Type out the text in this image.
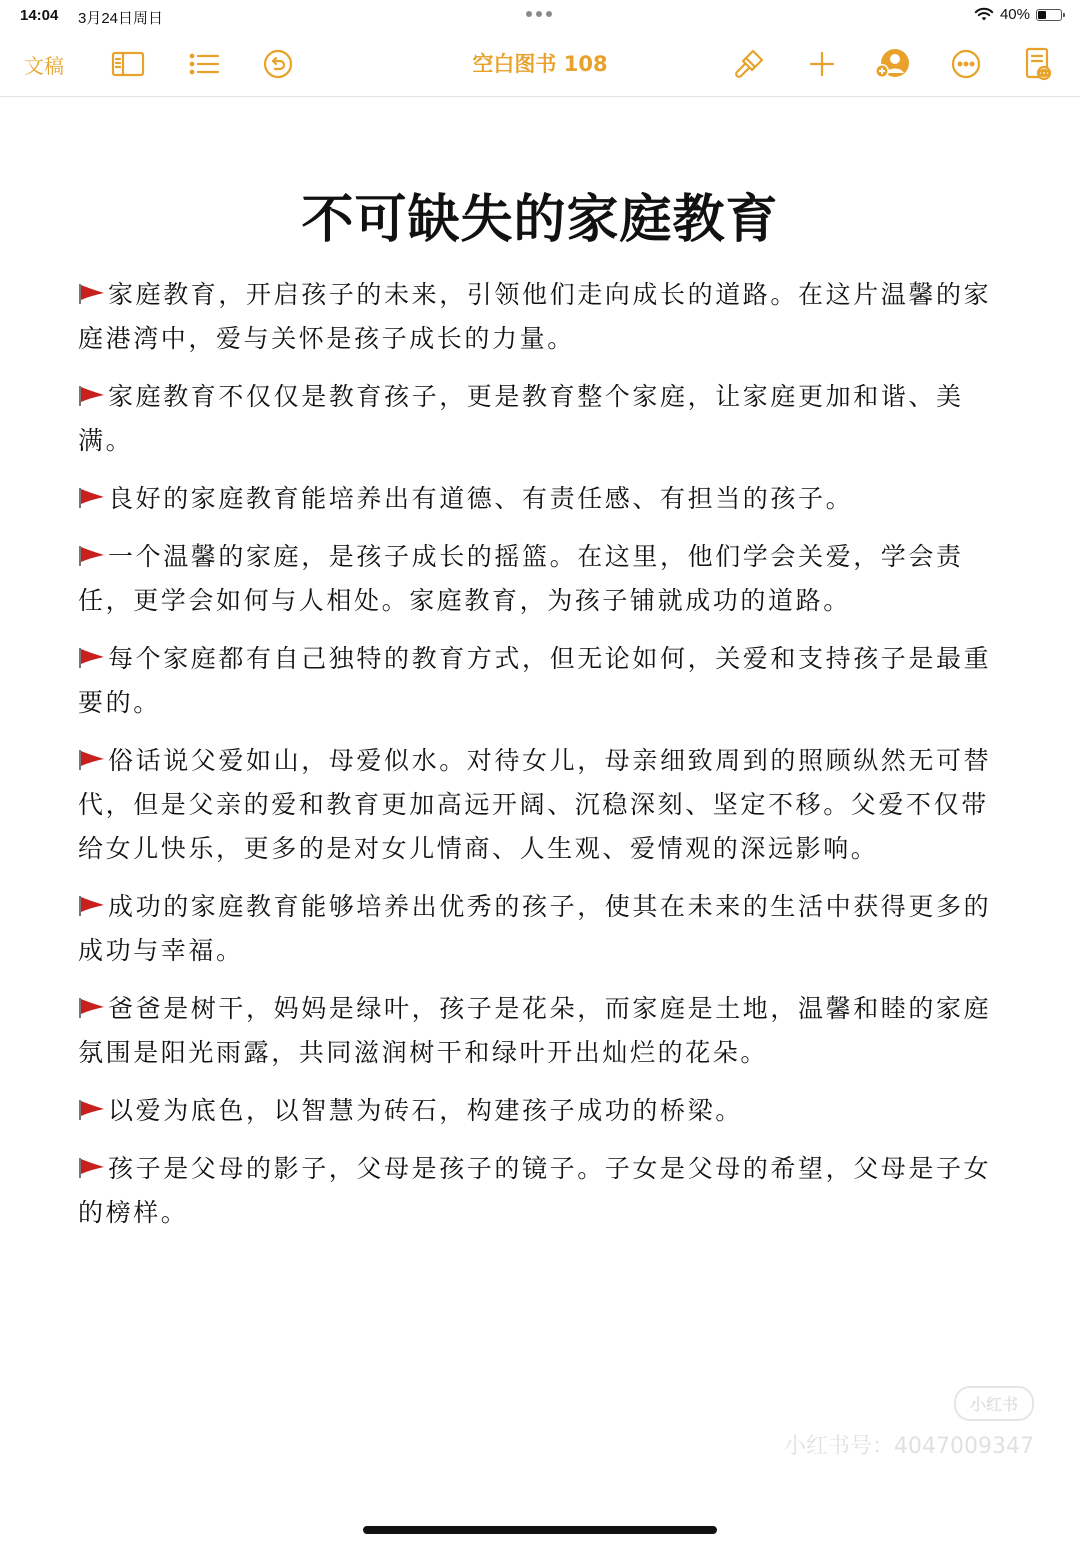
14:04 3月24日周日	40%
文稿	空白图书 108
不可缺失的家庭教育

家庭教育，开启孩子的未来，引领他们走向成长的道路。在这片温馨的家庭港湾中，爱与关怀是孩子成长的力量。

家庭教育不仅仅是教育孩子，更是教育整个家庭，让家庭更加和谐、美满。

良好的家庭教育能培养出有道德、有责任感、有担当的孩子。

一个温馨的家庭，是孩子成长的摇篮。在这里，他们学会关爱，学会责任，更学会如何与人相处。家庭教育，为孩子铺就成功的道路。

每个家庭都有自己独特的教育方式，但无论如何，关爱和支持孩子是最重要的。

俗话说父爱如山，母爱似水。对待女儿，母亲细致周到的照顾纵然无可替代，但是父亲的爱和教育更加高远开阔、沉稳深刻、坚定不移。父爱不仅带给女儿快乐，更多的是对女儿情商、人生观、爱情观的深远影响。

成功的家庭教育能够培养出优秀的孩子，使其在未来的生活中获得更多的成功与幸福。

爸爸是树干，妈妈是绿叶，孩子是花朵，而家庭是土地，温馨和睦的家庭氛围是阳光雨露，共同滋润树干和绿叶开出灿烂的花朵。

以爱为底色，以智慧为砖石，构建孩子成功的桥梁。

孩子是父母的影子，父母是孩子的镜子。子女是父母的希望，父母是子女的榜样。

小红书
小红书号：4047009347
